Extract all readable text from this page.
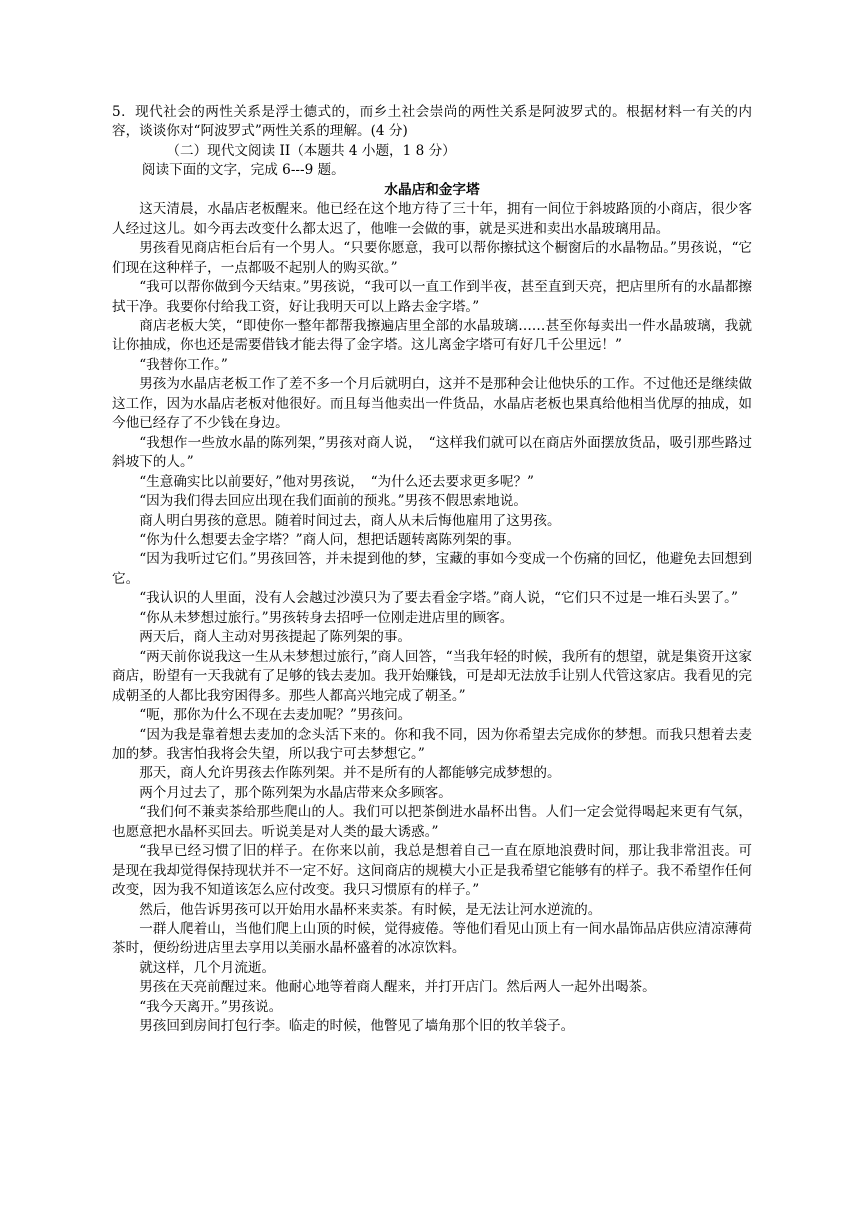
5．现代社会的两性关系是浮士德式的，而乡土社会崇尚的两性关系是阿波罗式的。根据材料一有关的内容，谈谈你对“阿波罗式”两性关系的理解。(4 分)

（二）现代文阅读 II（本题共 4 小题，1 8 分）

阅读下面的文字，完成 6---9 题。

水晶店和金字塔

这天清晨，水晶店老板醒来。他已经在这个地方待了三十年，拥有一间位于斜坡路顶的小商店，很少客人经过这儿。如今再去改变什么都太迟了，他唯一会做的事，就是买进和卖出水晶玻璃用品。

男孩看见商店柜台后有一个男人。“只要你愿意，我可以帮你擦拭这个橱窗后的水晶物品。”男孩说，“它们现在这种样子，一点都吸不起别人的购买欲。”

“我可以帮你做到今天结束。”男孩说，“我可以一直工作到半夜，甚至直到天亮，把店里所有的水晶都擦拭干净。我要你付给我工资，好让我明天可以上路去金字塔。”

商店老板大笑，“即使你一整年都帮我擦遍店里全部的水晶玻璃……甚至你每卖出一件水晶玻璃，我就让你抽成，你也还是需要借钱才能去得了金字塔。这儿离金字塔可有好几千公里远！”

“我替你工作。”

男孩为水晶店老板工作了差不多一个月后就明白，这并不是那种会让他快乐的工作。不过他还是继续做这工作，因为水晶店老板对他很好。而且每当他卖出一件货品，水晶店老板也果真给他相当优厚的抽成，如今他已经存了不少钱在身边。

“我想作一些放水晶的陈列架，”男孩对商人说，　“这样我们就可以在商店外面摆放货品，吸引那些路过斜坡下的人。”

“生意确实比以前要好，”他对男孩说，　“为什么还去要求更多呢？”

“因为我们得去回应出现在我们面前的预兆。”男孩不假思索地说。

商人明白男孩的意思。随着时间过去，商人从未后悔他雇用了这男孩。

“你为什么想要去金字塔？”商人问，想把话题转离陈列架的事。

“因为我听过它们。”男孩回答，并未提到他的梦，宝藏的事如今变成一个伤痛的回忆，他避免去回想到它。

“我认识的人里面，没有人会越过沙漠只为了要去看金字塔。”商人说，“它们只不过是一堆石头罢了。”

“你从未梦想过旅行。”男孩转身去招呼一位刚走进店里的顾客。

两天后，商人主动对男孩提起了陈列架的事。

“两天前你说我这一生从未梦想过旅行，”商人回答，“当我年轻的时候，我所有的想望，就是集资开这家商店，盼望有一天我就有了足够的钱去麦加。我开始赚钱，可是却无法放手让别人代管这家店。我看见的完成朝圣的人都比我穷困得多。那些人都高兴地完成了朝圣。”

“呃，那你为什么不现在去麦加呢？”男孩问。

“因为我是靠着想去麦加的念头活下来的。你和我不同，因为你希望去完成你的梦想。而我只想着去麦加的梦。我害怕我将会失望，所以我宁可去梦想它。”

那天，商人允许男孩去作陈列架。并不是所有的人都能够完成梦想的。

两个月过去了，那个陈列架为水晶店带来众多顾客。

“我们何不兼卖茶给那些爬山的人。我们可以把茶倒进水晶杯出售。人们一定会觉得喝起来更有气氛，也愿意把水晶杯买回去。听说美是对人类的最大诱惑。”

“我早已经习惯了旧的样子。在你来以前，我总是想着自己一直在原地浪费时间，那让我非常沮丧。可是现在我却觉得保持现状并不一定不好。这间商店的规模大小正是我希望它能够有的样子。我不希望作任何改变，因为我不知道该怎么应付改变。我只习惯原有的样子。”

然后，他告诉男孩可以开始用水晶杯来卖茶。有时候，是无法让河水逆流的。

一群人爬着山，当他们爬上山顶的时候，觉得疲倦。等他们看见山顶上有一间水晶饰品店供应清凉薄荷茶时，便纷纷进店里去享用以美丽水晶杯盛着的冰凉饮料。

就这样，几个月流逝。

男孩在天亮前醒过来。他耐心地等着商人醒来，并打开店门。然后两人一起外出喝茶。

“我今天离开。”男孩说。

男孩回到房间打包行李。临走的时候，他瞥见了墙角那个旧的牧羊袋子。
